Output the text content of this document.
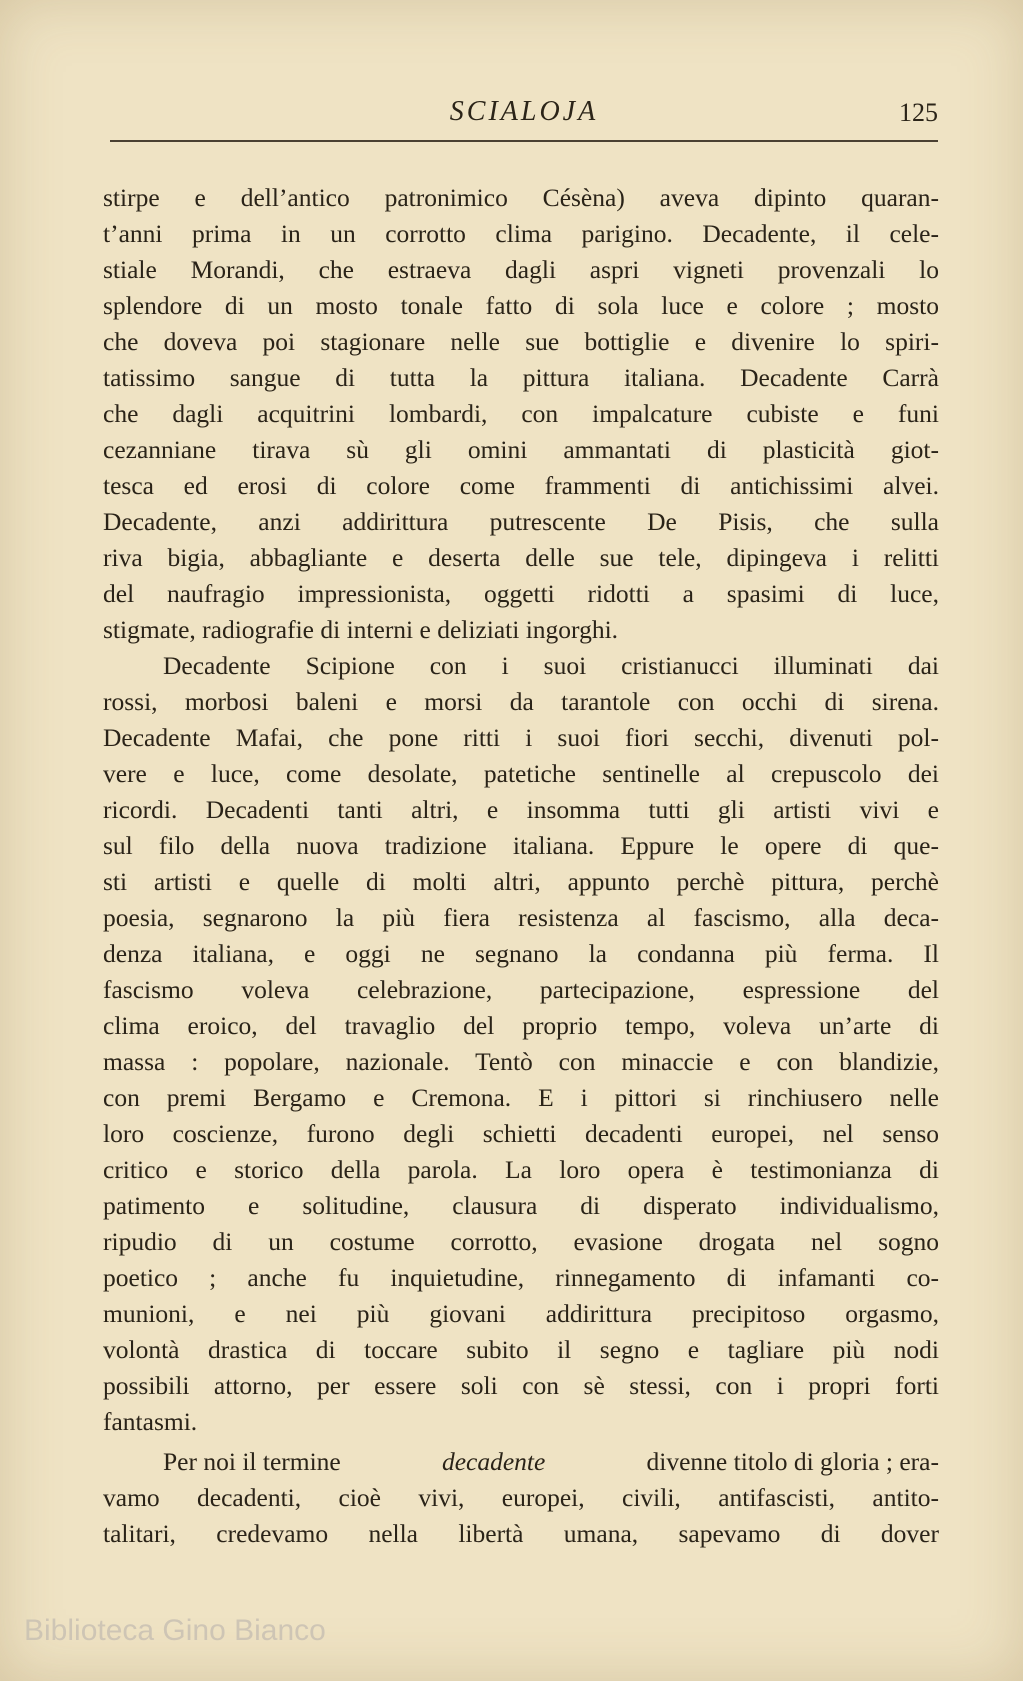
SCIALOJA	125
stirpe e dell’antico patronimico Césèna) aveva dipinto quaran-
t’anni prima in un corrotto clima parigino. Decadente, il cele-
stiale Morandi, che estraeva dagli aspri vigneti provenzali lo
splendore di un mosto tonale fatto di sola luce e colore ; mosto
che doveva poi stagionare nelle sue bottiglie e divenire lo spiri-
tatissimo sangue di tutta la pittura italiana. Decadente Carrà
che dagli acquitrini lombardi, con impalcature cubiste e funi
cezanniane tirava sù gli omini ammantati di plasticità giot-
tesca ed erosi di colore come frammenti di antichissimi alvei.
Decadente, anzi addirittura putrescente De Pisis, che sulla
riva bigia, abbagliante e deserta delle sue tele, dipingeva i relitti
del naufragio impressionista, oggetti ridotti a spasimi di luce,
stigmate, radiografie di interni e deliziati ingorghi.
Decadente Scipione con i suoi cristianucci illuminati dai
rossi, morbosi baleni e morsi da tarantole con occhi di sirena.
Decadente Mafai, che pone ritti i suoi fiori secchi, divenuti pol-
vere e luce, come desolate, patetiche sentinelle al crepuscolo dei
ricordi. Decadenti tanti altri, e insomma tutti gli artisti vivi e
sul filo della nuova tradizione italiana. Eppure le opere di que-
sti artisti e quelle di molti altri, appunto perchè pittura, perchè
poesia, segnarono la più fiera resistenza al fascismo, alla deca-
denza italiana, e oggi ne segnano la condanna più ferma. Il
fascismo voleva celebrazione, partecipazione, espressione del
clima eroico, del travaglio del proprio tempo, voleva un’arte di
massa : popolare, nazionale. Tentò con minaccie e con blandizie,
con premi Bergamo e Cremona. E i pittori si rinchiusero nelle
loro coscienze, furono degli schietti decadenti europei, nel senso
critico e storico della parola. La loro opera è testimonianza di
patimento e solitudine, clausura di disperato individualismo,
ripudio di un costume corrotto, evasione drogata nel sogno
poetico ; anche fu inquietudine, rinnegamento di infamanti co-
munioni, e nei più giovani addirittura precipitoso orgasmo,
volontà drastica di toccare subito il segno e tagliare più nodi
possibili attorno, per essere soli con sè stessi, con i propri forti
fantasmi.
Per noi il termine	decadente	divenne titolo di gloria ; era-
vamo decadenti, cioè vivi, europei, civili, antifascisti, antito-
talitari, credevamo nella libertà umana, sapevamo di dover
Biblioteca Gino Bianco
